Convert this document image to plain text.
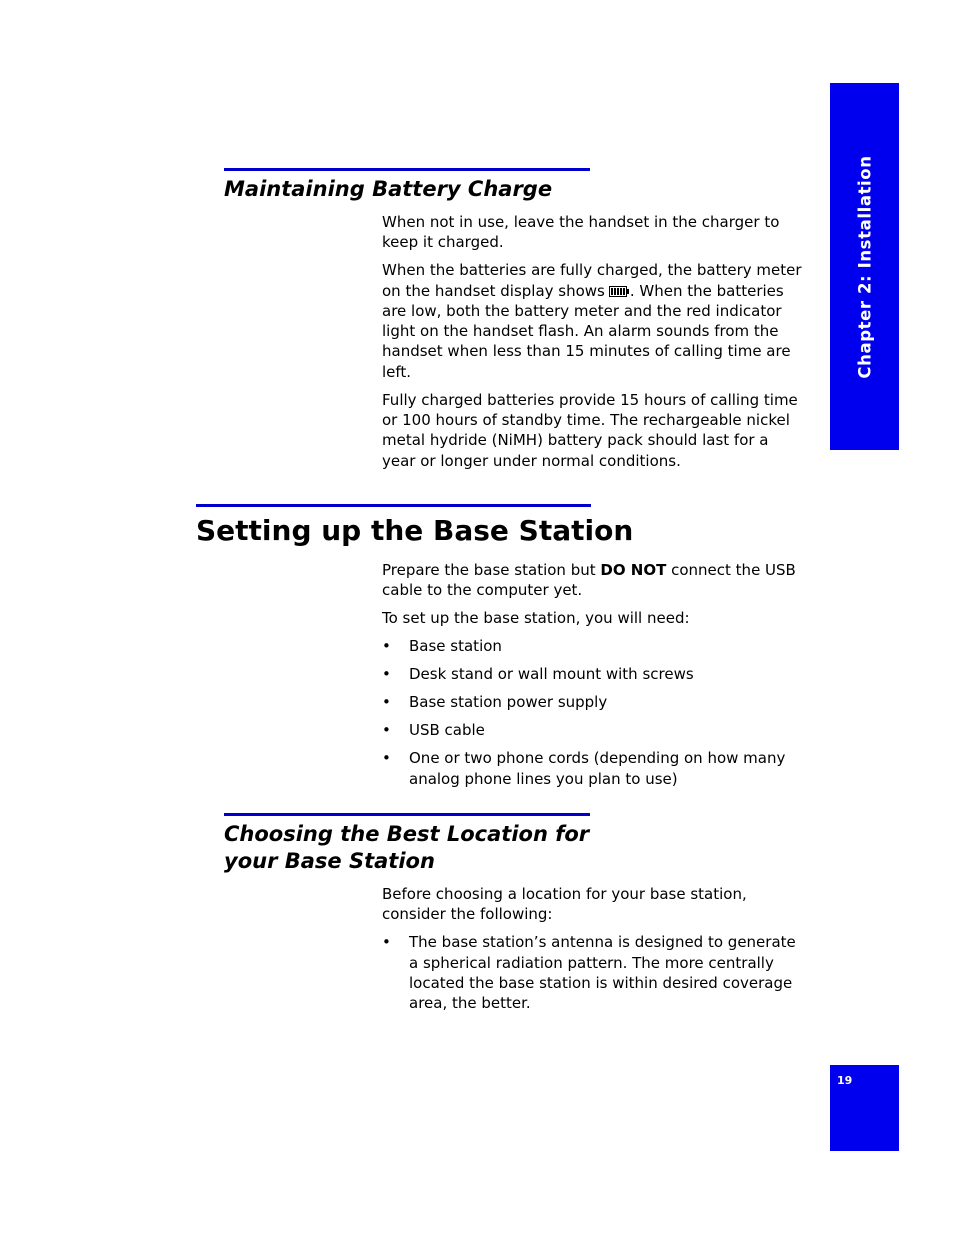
Chapter 2: Installation
Maintaining Battery Charge

When not in use, leave the handset in the charger to keep it charged.

When the batteries are fully charged, the battery meter on the handset display shows . When the batteries are low, both the battery meter and the red indicator light on the handset flash. An alarm sounds from the handset when less than 15 minutes of calling time are left.

Fully charged batteries provide 15 hours of calling time or 100 hours of standby time. The rechargeable nickel metal hydride (NiMH) battery pack should last for a year or longer under normal conditions.

Setting up the Base Station

Prepare the base station but DO NOT connect the USB cable to the computer yet.

To set up the base station, you will need:

• Base station
• Desk stand or wall mount with screws
• Base station power supply
• USB cable
• One or two phone cords (depending on how many analog phone lines you plan to use)
Choosing the Best Location for
your Base Station

Before choosing a location for your base station, consider the following:

• The base station’s antenna is designed to generate a spherical radiation pattern. The more centrally located the base station is within desired coverage area, the better.
19
